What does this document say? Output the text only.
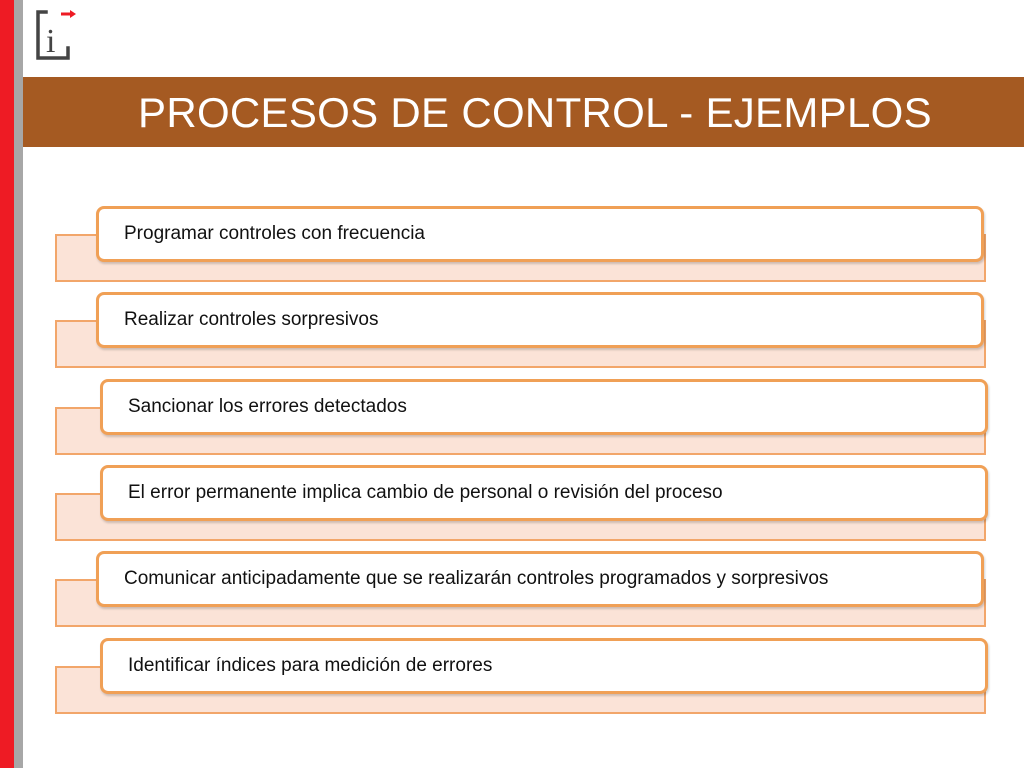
i
PROCESOS DE CONTROL - EJEMPLOS
Programar controles con frecuencia
Realizar controles sorpresivos
Sancionar los errores detectados
El error permanente implica cambio de personal o revisión del proceso
Comunicar anticipadamente que se realizarán controles programados y sorpresivos
Identificar índices para medición de errores
